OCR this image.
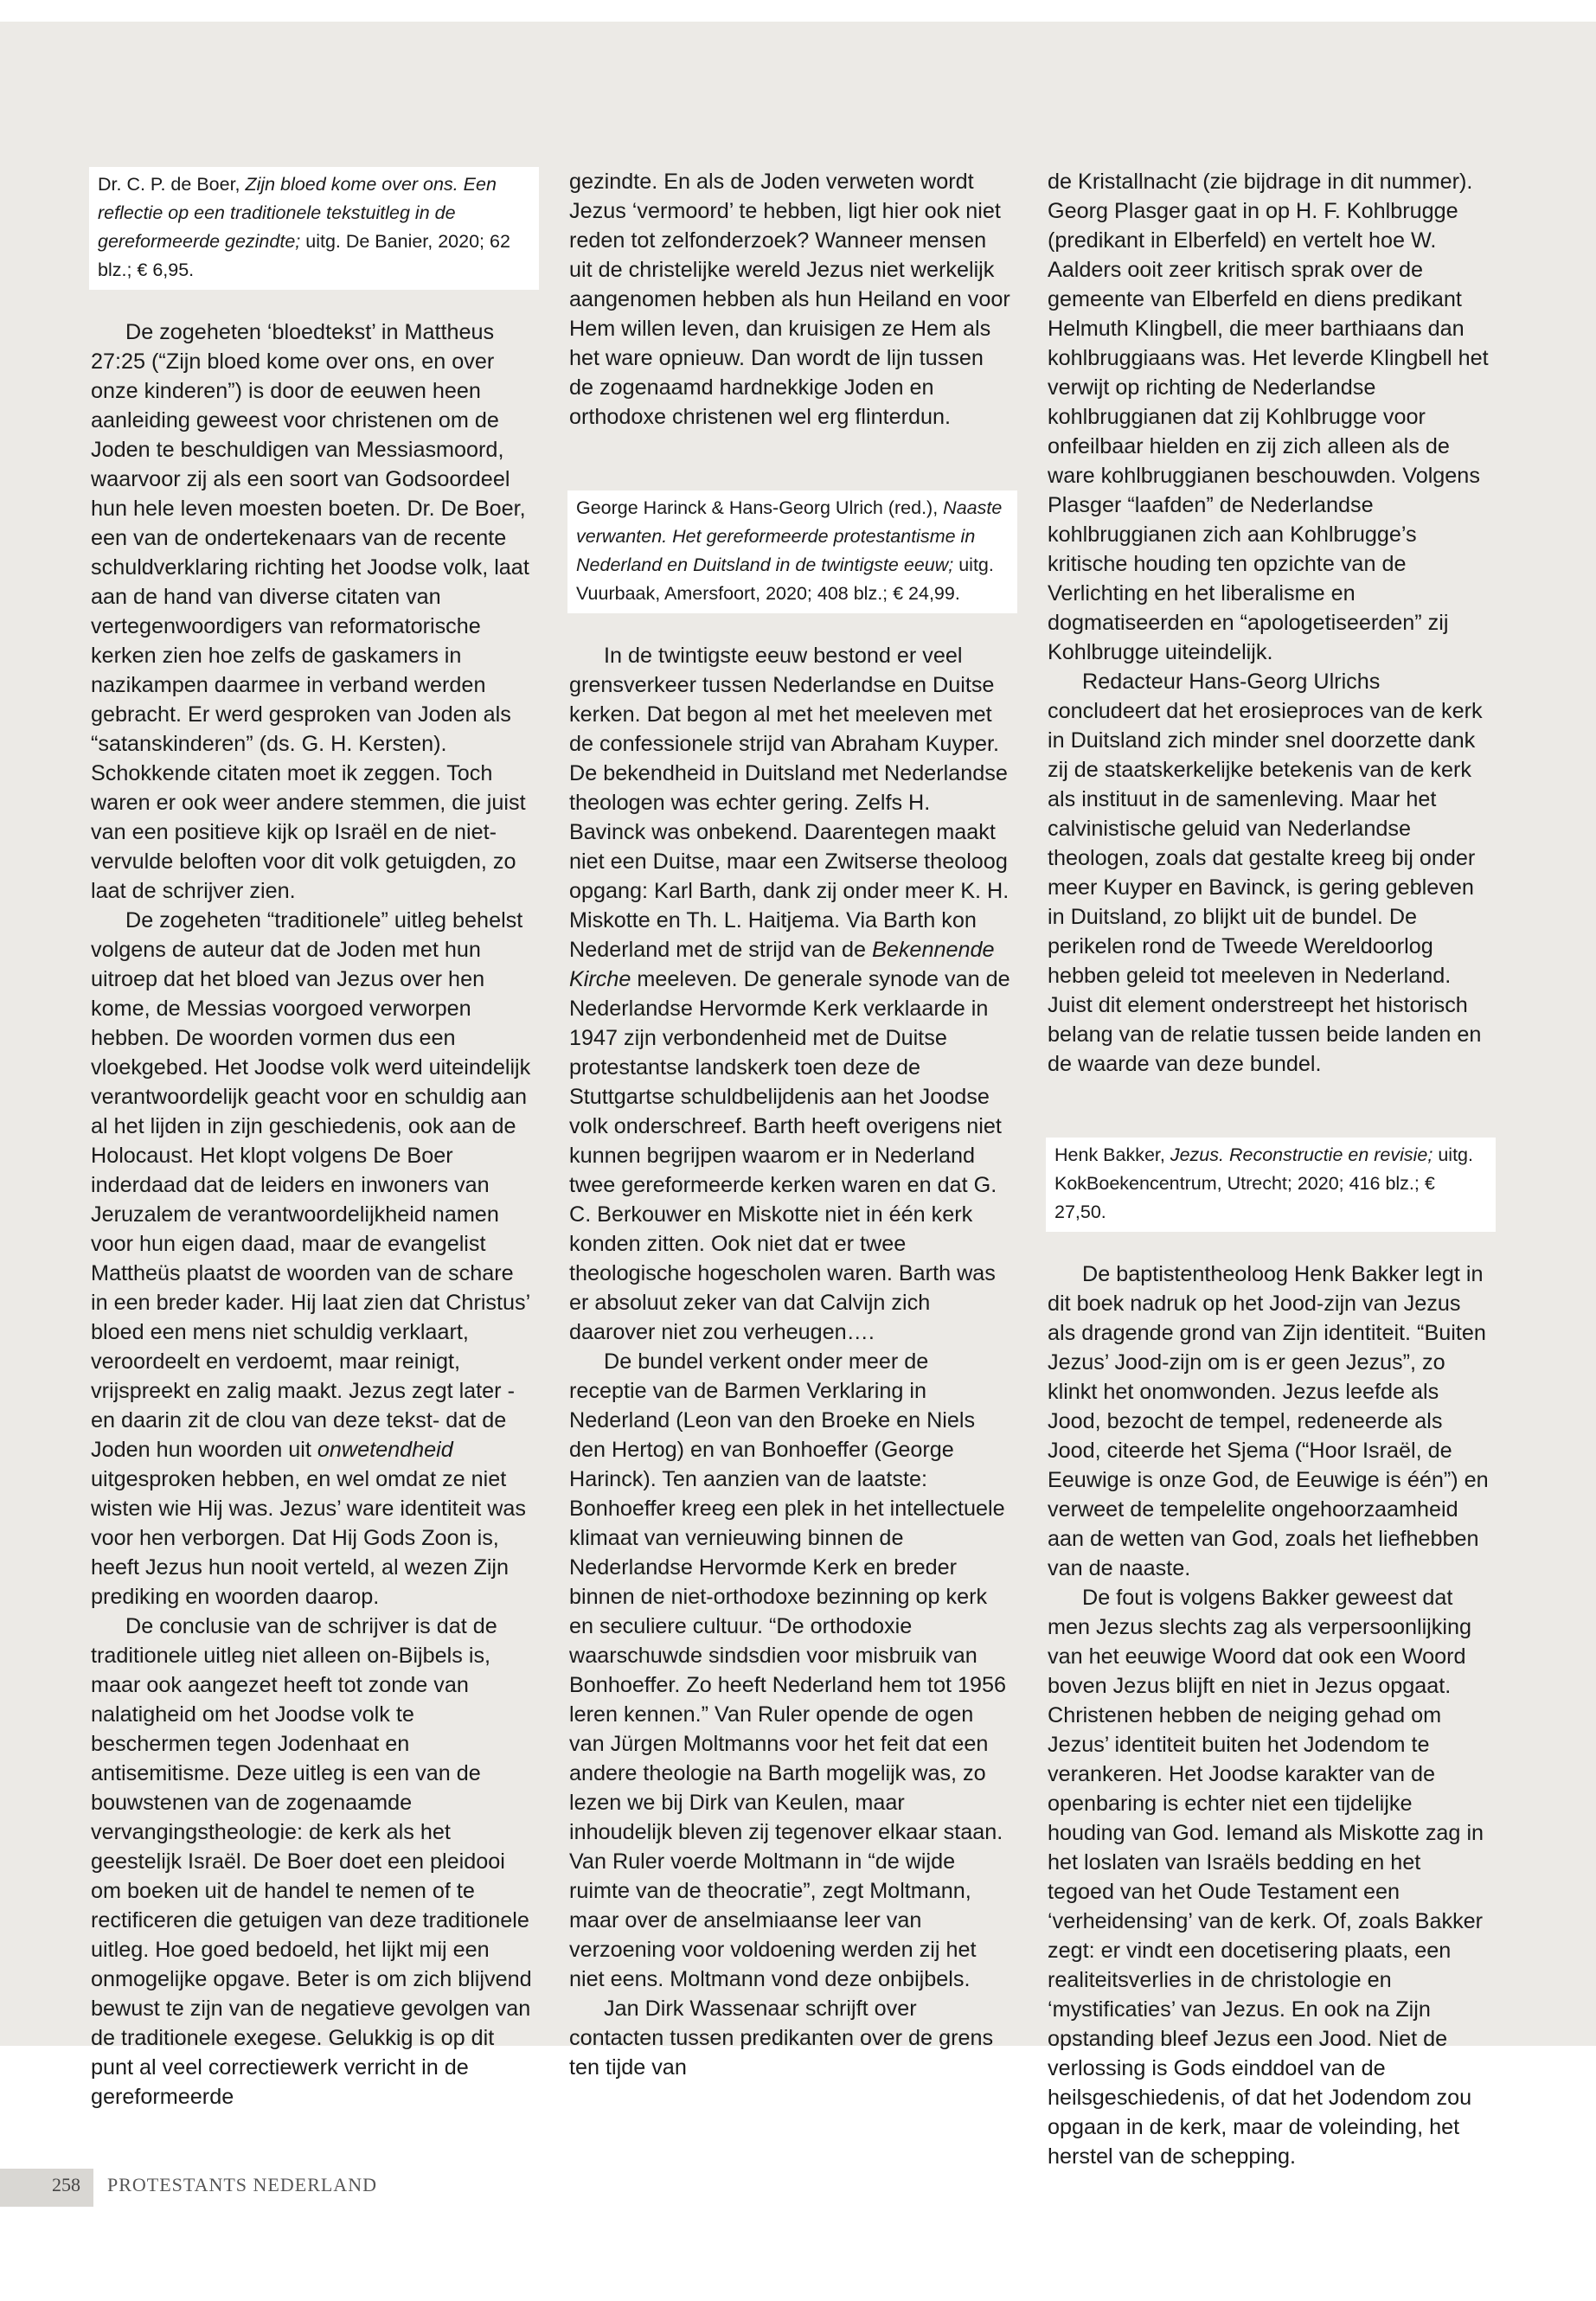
Dr. C. P. de Boer, Zijn bloed kome over ons. Een reflectie op een traditionele tekstuitleg in de gereformeerde gezindte; uitg. De Banier, 2020; 62 blz.; € 6,95.

De zogeheten ‘bloedtekst’ in Mattheus 27:25 (“Zijn bloed kome over ons, en over onze kinderen”) is door de eeuwen heen aanleiding geweest voor christenen om de Joden te beschuldigen van Messiasmoord, waarvoor zij als een soort van Godsoordeel hun hele leven moesten boeten. Dr. De Boer, een van de ondertekenaars van de recente schuldverklaring richting het Joodse volk, laat aan de hand van diverse citaten van vertegenwoordigers van reformatorische kerken zien hoe zelfs de gaskamers in nazikampen daarmee in verband werden gebracht. Er werd gesproken van Joden als “satanskinderen” (ds. G. H. Kersten). Schokkende citaten moet ik zeggen. Toch waren er ook weer andere stemmen, die juist van een positieve kijk op Israël en de niet-vervulde beloften voor dit volk getuigden, zo laat de schrijver zien.

De zogeheten “traditionele” uitleg behelst volgens de auteur dat de Joden met hun uitroep dat het bloed van Jezus over hen kome, de Messias voorgoed verworpen hebben. De woorden vormen dus een vloekgebed. Het Joodse volk werd uiteindelijk verantwoordelijk geacht voor en schuldig aan al het lijden in zijn geschiedenis, ook aan de Holocaust. Het klopt volgens De Boer inderdaad dat de leiders en inwoners van Jeruzalem de verantwoordelijkheid namen voor hun eigen daad, maar de evangelist Mattheüs plaatst de woorden van de schare in een breder kader. Hij laat zien dat Christus’ bloed een mens niet schuldig verklaart, veroordeelt en verdoemt, maar reinigt, vrijspreekt en zalig maakt. Jezus zegt later -en daarin zit de clou van deze tekst- dat de Joden hun woorden uit onwetendheid uitgesproken hebben, en wel omdat ze niet wisten wie Hij was. Jezus’ ware identiteit was voor hen verborgen. Dat Hij Gods Zoon is, heeft Jezus hun nooit verteld, al wezen Zijn prediking en woorden daarop.

De conclusie van de schrijver is dat de traditionele uitleg niet alleen on-Bijbels is, maar ook aangezet heeft tot zonde van nalatigheid om het Joodse volk te beschermen tegen Jodenhaat en antisemitisme. Deze uitleg is een van de bouwstenen van de zogenaamde vervangingstheologie: de kerk als het geestelijk Israël. De Boer doet een pleidooi om boeken uit de handel te nemen of te rectificeren die getuigen van deze traditionele uitleg. Hoe goed bedoeld, het lijkt mij een onmogelijke opgave. Beter is om zich blijvend bewust te zijn van de negatieve gevolgen van de traditionele exegese. Gelukkig is op dit punt al veel correctiewerk verricht in de gereformeerde

gezindte. En als de Joden verweten wordt Jezus ‘vermoord’ te hebben, ligt hier ook niet reden tot zelfonderzoek? Wanneer mensen uit de christelijke wereld Jezus niet werkelijk aangenomen hebben als hun Heiland en voor Hem willen leven, dan kruisigen ze Hem als het ware opnieuw. Dan wordt de lijn tussen de zogenaamd hardnekkige Joden en orthodoxe christenen wel erg flinterdun.

George Harinck & Hans-Georg Ulrich (red.), Naaste verwanten. Het gereformeerde protestantisme in Nederland en Duitsland in de twintigste eeuw; uitg. Vuurbaak, Amersfoort, 2020; 408 blz.; € 24,99.

In de twintigste eeuw bestond er veel grensverkeer tussen Nederlandse en Duitse kerken. Dat begon al met het meeleven met de confessionele strijd van Abraham Kuyper. De bekendheid in Duitsland met Nederlandse theologen was echter gering. Zelfs H. Bavinck was onbekend. Daarentegen maakt niet een Duitse, maar een Zwitserse theoloog opgang: Karl Barth, dank zij onder meer K. H. Miskotte en Th. L. Haitjema. Via Barth kon Nederland met de strijd van de Bekennende Kirche meeleven. De generale synode van de Nederlandse Hervormde Kerk verklaarde in 1947 zijn verbondenheid met de Duitse protestantse landskerk toen deze de Stuttgartse schuldbelijdenis aan het Joodse volk onderschreef. Barth heeft overigens niet kunnen begrijpen waarom er in Nederland twee gereformeerde kerken waren en dat G. C. Berkouwer en Miskotte niet in één kerk konden zitten. Ook niet dat er twee theologische hogescholen waren. Barth was er absoluut zeker van dat Calvijn zich daarover niet zou verheugen….

De bundel verkent onder meer de receptie van de Barmen Verklaring in Nederland (Leon van den Broeke en Niels den Hertog) en van Bonhoeffer (George Harinck). Ten aanzien van de laatste: Bonhoeffer kreeg een plek in het intellectuele klimaat van vernieuwing binnen de Nederlandse Hervormde Kerk en breder binnen de niet-orthodoxe bezinning op kerk en seculiere cultuur. “De orthodoxie waarschuwde sindsdien voor misbruik van Bonhoeffer. Zo heeft Nederland hem tot 1956 leren kennen.” Van Ruler opende de ogen van Jürgen Moltmanns voor het feit dat een andere theologie na Barth mogelijk was, zo lezen we bij Dirk van Keulen, maar inhoudelijk bleven zij tegenover elkaar staan. Van Ruler voerde Moltmann in “de wijde ruimte van de theocratie”, zegt Moltmann, maar over de anselmiaanse leer van verzoening voor voldoening werden zij het niet eens. Moltmann vond deze onbijbels.

Jan Dirk Wassenaar schrijft over contacten tussen predikanten over de grens ten tijde van

de Kristallnacht (zie bijdrage in dit nummer). Georg Plasger gaat in op H. F. Kohlbrugge (predikant in Elberfeld) en vertelt hoe W. Aalders ooit zeer kritisch sprak over de gemeente van Elberfeld en diens predikant Helmuth Klingbell, die meer barthiaans dan kohlbruggiaans was. Het leverde Klingbell het verwijt op richting de Nederlandse kohlbruggianen dat zij Kohlbrugge voor onfeilbaar hielden en zij zich alleen als de ware kohlbruggianen beschouwden. Volgens Plasger “laafden” de Nederlandse kohlbruggianen zich aan Kohlbrugge’s kritische houding ten opzichte van de Verlichting en het liberalisme en dogmatiseerden en “apologetiseerden” zij Kohlbrugge uiteindelijk.

Redacteur Hans-Georg Ulrichs concludeert dat het erosieproces van de kerk in Duitsland zich minder snel doorzette dank zij de staatskerkelijke betekenis van de kerk als instituut in de samenleving. Maar het calvinistische geluid van Nederlandse theologen, zoals dat gestalte kreeg bij onder meer Kuyper en Bavinck, is gering gebleven in Duitsland, zo blijkt uit de bundel. De perikelen rond de Tweede Wereldoorlog hebben geleid tot meeleven in Nederland. Juist dit element onderstreept het historisch belang van de relatie tussen beide landen en de waarde van deze bundel.

Henk Bakker, Jezus. Reconstructie en revisie; uitg. KokBoekencentrum, Utrecht; 2020; 416 blz.; € 27,50.

De baptistentheoloog Henk Bakker legt in dit boek nadruk op het Jood-zijn van Jezus als dragende grond van Zijn identiteit. “Buiten Jezus’ Jood-zijn om is er geen Jezus”, zo klinkt het onomwonden. Jezus leefde als Jood, bezocht de tempel, redeneerde als Jood, citeerde het Sjema (“Hoor Israël, de Eeuwige is onze God, de Eeuwige is één”) en verweet de tempelelite ongehoorzaamheid aan de wetten van God, zoals het liefhebben van de naaste.

De fout is volgens Bakker geweest dat men Jezus slechts zag als verpersoonlijking van het eeuwige Woord dat ook een Woord boven Jezus blijft en niet in Jezus opgaat. Christenen hebben de neiging gehad om Jezus’ identiteit buiten het Jodendom te verankeren. Het Joodse karakter van de openbaring is echter niet een tijdelijke houding van God. Iemand als Miskotte zag in het loslaten van Israëls bedding en het tegoed van het Oude Testament een ‘verheidensing’ van de kerk. Of, zoals Bakker zegt: er vindt een docetisering plaats, een realiteitsverlies in de christologie en ‘mystificaties’ van Jezus. En ook na Zijn opstanding bleef Jezus een Jood. Niet de verlossing is Gods einddoel van de heilsgeschiedenis, of dat het Jodendom zou opgaan in de kerk, maar de voleinding, het herstel van de schepping.

258 PROTESTANTS NEDERLAND
